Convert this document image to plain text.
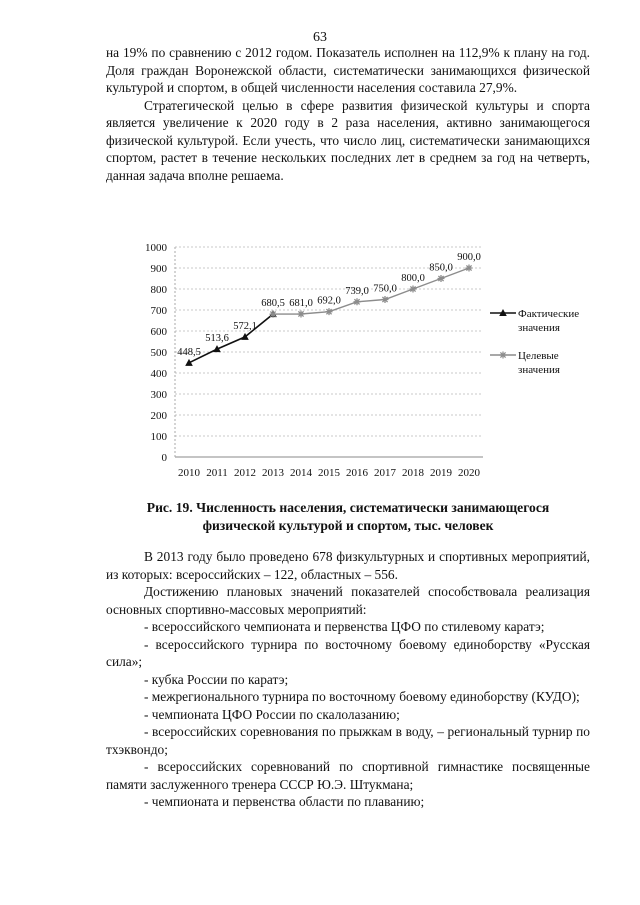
63

на 19% по сравнению с 2012 годом. Показатель исполнен на 112,9% к плану на год. Доля граждан Воронежской области, систематически занимающихся физической культурой и спортом, в общей численности населения составила 27,9%.

Стратегической целью в сфере развития физической культуры и спорта является увеличение к 2020 году в 2 раза населения, активно занимающегося физической культурой. Если учесть, что число лиц, систематически занимающихся спортом, растет в течение нескольких последних лет в среднем за год на четверть, данная задача вполне решаема.

0
100
200
300
400
500
600
700
800
900
1000
2010 2011 2012 2013 2014 2015 2016 2017 2018 2019 2020
448,5
513,6
572,1
680,5 681,0 692,0
739,0 750,0
800,0
850,0
900,0
Фактические
значения
Целевые
значения
Рис. 19. Численность населения, систематически занимающегося
физической культурой и спортом, тыс. человек

В 2013 году было проведено 678 физкультурных и спортивных мероприятий, из которых: всероссийских – 122, областных – 556.

Достижению плановых значений показателей способствовала реализация основных спортивно-массовых мероприятий:

- всероссийского чемпионата и первенства ЦФО по стилевому каратэ;

- всероссийского турнира по восточному боевому единоборству «Русская сила»;

- кубка России по каратэ;

- межрегионального турнира по восточному боевому единоборству (КУДО);

- чемпионата ЦФО России по скалолазанию;

- всероссийских соревнования по прыжкам в воду, – региональный турнир по тхэквондо;

- всероссийских соревнований по спортивной гимнастике посвященные памяти заслуженного тренера СССР Ю.Э. Штукмана;

- чемпионата и первенства области по плаванию;
